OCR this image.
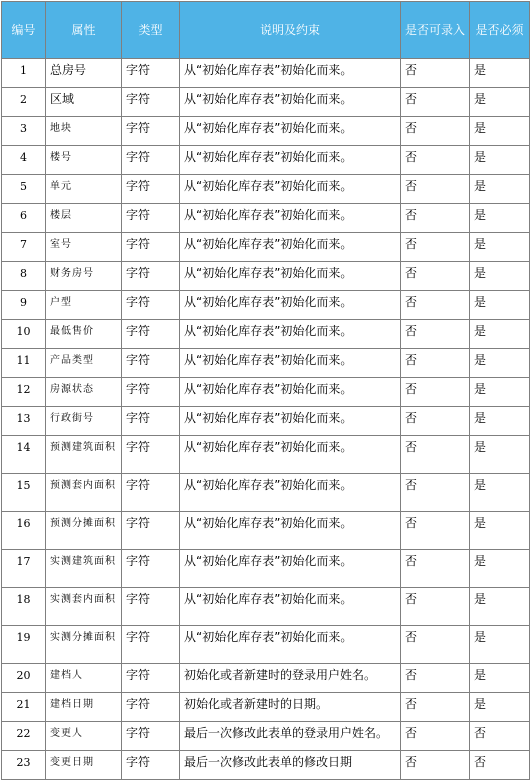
编号	属性	类型	说明及约束	是否可录入	是否必须
1	总房号	字符	从“初始化库存表”初始化而来。	否	是
2	区域	字符	从“初始化库存表”初始化而来。	否	是
3	地块	字符	从“初始化库存表”初始化而来。	否	是
4	楼号	字符	从“初始化库存表”初始化而来。	否	是
5	单元	字符	从“初始化库存表”初始化而来。	否	是
6	楼层	字符	从“初始化库存表”初始化而来。	否	是
7	室号	字符	从“初始化库存表”初始化而来。	否	是
8	财务房号	字符	从“初始化库存表”初始化而来。	否	是
9	户型	字符	从“初始化库存表”初始化而来。	否	是
10	最低售价	字符	从“初始化库存表”初始化而来。	否	是
11	产品类型	字符	从“初始化库存表”初始化而来。	否	是
12	房源状态	字符	从“初始化库存表”初始化而来。	否	是
13	行政街号	字符	从“初始化库存表”初始化而来。	否	是
14	预测建筑面积	字符	从“初始化库存表”初始化而来。	否	是
15	预测套内面积	字符	从“初始化库存表”初始化而来。	否	是
16	预测分摊面积	字符	从“初始化库存表”初始化而来。	否	是
17	实测建筑面积	字符	从“初始化库存表”初始化而来。	否	是
18	实测套内面积	字符	从“初始化库存表”初始化而来。	否	是
19	实测分摊面积	字符	从“初始化库存表”初始化而来。	否	是
20	建档人	字符	初始化或者新建时的登录用户姓名。	否	是
21	建档日期	字符	初始化或者新建时的日期。	否	是
22	变更人	字符	最后一次修改此表单的登录用户姓名。	否	否
23	变更日期	字符	最后一次修改此表单的修改日期	否	否
